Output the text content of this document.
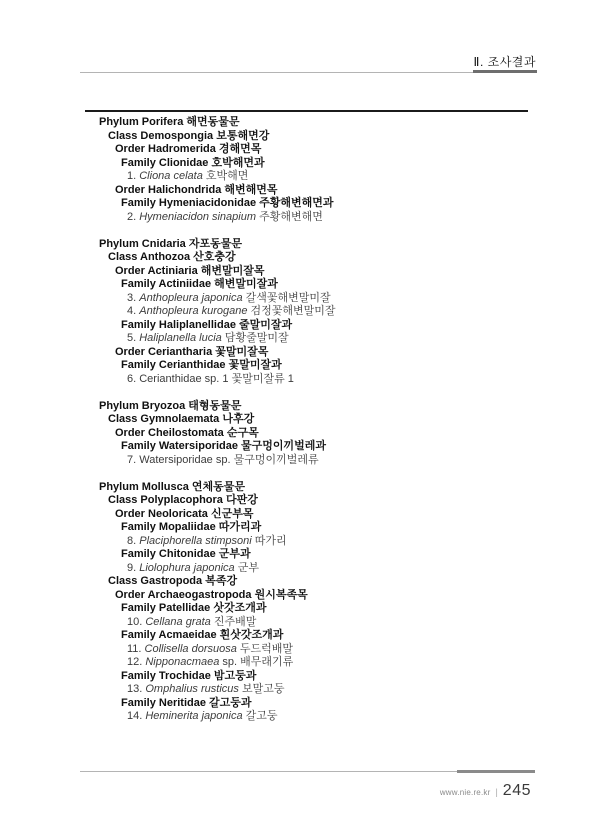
Ⅱ. 조사결과
Phylum Porifera 해면동물문
Class Demospongia 보통해면강
Order Hadromerida 경해면목
Family Clionidae 호박해면과
1. Cliona celata 호박해면
Order Halichondrida 해변해면목
Family Hymeniacidonidae 주황해변해면과
2. Hymeniacidon sinapium 주황해변해면
Phylum Cnidaria 자포동물문
Class Anthozoa 산호충강
Order Actiniaria 해변말미잘목
Family Actiniidae 해변말미잘과
3. Anthopleura japonica 갈색꽃해변말미잘
4. Anthopleura kurogane 검정꽃해변말미잘
Family Haliplanellidae 줄말미잘과
5. Haliplanella lucia 담황줄말미잘
Order Ceriantharia 꽃말미잘목
Family Cerianthidae 꽃말미잘과
6. Cerianthidae sp. 1 꽃말미잘류 1
Phylum Bryozoa 태형동물문
Class Gymnolaemata 나후강
Order Cheilostomata 순구목
Family Watersiporidae 물구멍이끼벌레과
7. Watersiporidae sp. 물구멍이끼벌레류
Phylum Mollusca 연체동물문
Class Polyplacophora 다판강
Order Neoloricata 신군부목
Family Mopaliidae 따가리과
8. Placiphorella stimpsoni 따가리
Family Chitonidae 군부과
9. Liolophura japonica 군부
Class Gastropoda 복족강
Order Archaeogastropoda 원시복족목
Family Patellidae 삿갓조개과
10. Cellana grata 진주배말
Family Acmaeidae 흰삿갓조개과
11. Collisella dorsuosa 두드럭배말
12. Nipponacmaea sp. 배무래기류
Family Trochidae 밤고둥과
13. Omphalius rusticus 보말고둥
Family Neritidae 갈고둥과
14. Heminerita japonica 갈고둥
www.nie.re.kr | 245
